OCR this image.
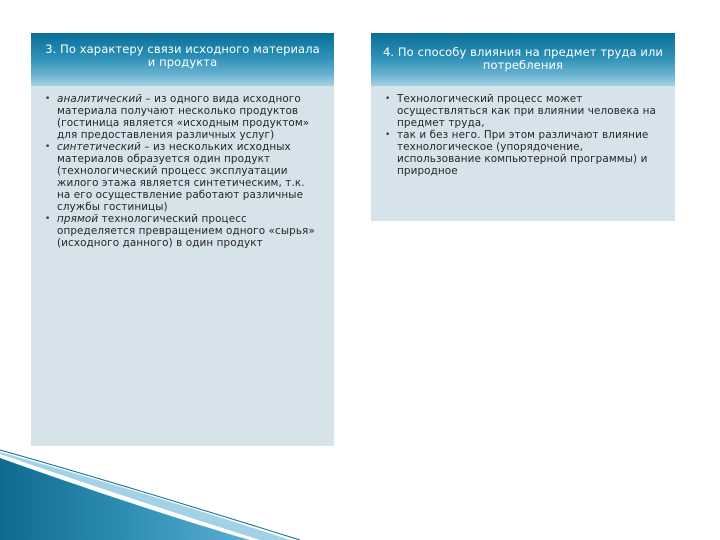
3. По характеру связи исходного материала и продукта
• аналитический – из одного вида исходного материала получают несколько продуктов (гостиница является «исходным продуктом» для предоставления различных услуг)
• синтетический – из нескольких исходных материалов образуется один продукт (технологический процесс эксплуатации жилого этажа является синтетическим, т.к. на его осуществление работают различные службы гостиницы)
• прямой технологический процесс определяется превращением одного «сырья» (исходного данного) в один продукт
4. По способу влияния на предмет труда или потребления
• Технологический процесс может осуществляться как при влиянии человека на предмет труда,
• так и без него. При этом различают влияние технологическое (упорядочение, использование компьютерной программы) и природное
